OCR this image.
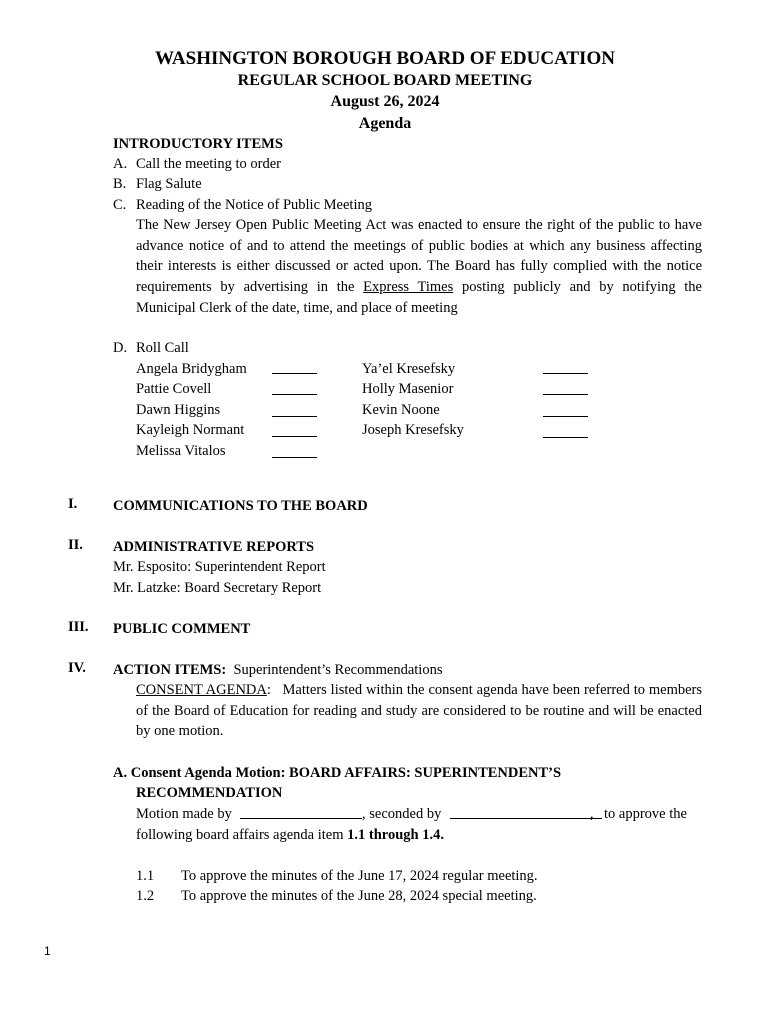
WASHINGTON BOROUGH BOARD OF EDUCATION
REGULAR SCHOOL BOARD MEETING
August 26, 2024
Agenda
INTRODUCTORY ITEMS
A. Call the meeting to order
B. Flag Salute
C. Reading of the Notice of Public Meeting
The New Jersey Open Public Meeting Act was enacted to ensure the right of the public to have advance notice of and to attend the meetings of public bodies at which any business affecting their interests is either discussed or acted upon. The Board has fully complied with the notice requirements by advertising in the Express Times posting publicly and by notifying the Municipal Clerk of the date, time, and place of meeting
D. Roll Call
Angela Bridygham
Pattie Covell
Dawn Higgins
Kayleigh Normant
Melissa Vitalos
Ya’el Kresefsky
Holly Masenior
Kevin Noone
Joseph Kresefsky
I. COMMUNICATIONS TO THE BOARD
II. ADMINISTRATIVE REPORTS
Mr. Esposito: Superintendent Report
Mr. Latzke: Board Secretary Report
III. PUBLIC COMMENT
IV. ACTION ITEMS: Superintendent’s Recommendations
CONSENT AGENDA: Matters listed within the consent agenda have been referred to members of the Board of Education for reading and study are considered to be routine and will be enacted by one motion.
A. Consent Agenda Motion: BOARD AFFAIRS: SUPERINTENDENT’S
RECOMMENDATION
Motion made by	, seconded by	, to approve the
following board affairs agenda item 1.1 through 1.4.
1.1 To approve the minutes of the June 17, 2024 regular meeting.
1.2 To approve the minutes of the June 28, 2024 special meeting.
1
